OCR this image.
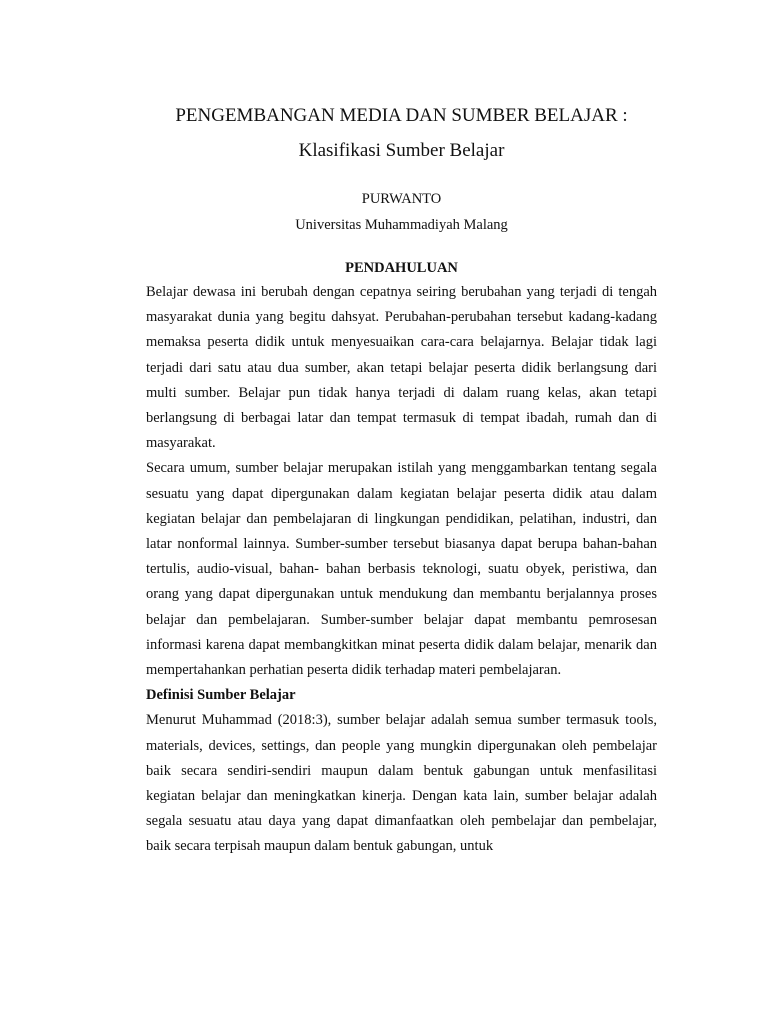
PENGEMBANGAN MEDIA DAN SUMBER BELAJAR :
Klasifikasi Sumber Belajar
PURWANTO
Universitas Muhammadiyah Malang
PENDAHULUAN

Belajar dewasa ini berubah dengan cepatnya seiring berubahan yang terjadi di tengah masyarakat dunia yang begitu dahsyat. Perubahan-perubahan tersebut kadang-kadang memaksa peserta didik untuk menyesuaikan cara-cara belajarnya. Belajar tidak lagi terjadi dari satu atau dua sumber, akan tetapi belajar peserta didik berlangsung dari multi sumber. Belajar pun tidak hanya terjadi di dalam ruang kelas, akan tetapi berlangsung di berbagai latar dan tempat termasuk di tempat ibadah, rumah dan di masyarakat.

Secara umum, sumber belajar merupakan istilah yang menggambarkan tentang segala sesuatu yang dapat dipergunakan dalam kegiatan belajar peserta didik atau dalam kegiatan belajar dan pembelajaran di lingkungan pendidikan, pelatihan, industri, dan latar nonformal lainnya. Sumber-sumber tersebut biasanya dapat berupa bahan-bahan tertulis, audio-visual, bahan- bahan berbasis teknologi, suatu obyek, peristiwa, dan orang yang dapat dipergunakan untuk mendukung dan membantu berjalannya proses belajar dan pembelajaran. Sumber-sumber belajar dapat membantu pemrosesan informasi karena dapat membangkitkan minat peserta didik dalam belajar, menarik dan mempertahankan perhatian peserta didik terhadap materi pembelajaran.

Definisi Sumber Belajar

Menurut Muhammad (2018:3), sumber belajar adalah semua sumber termasuk tools, materials, devices, settings, dan people yang mungkin dipergunakan oleh pembelajar baik secara sendiri-sendiri maupun dalam bentuk gabungan untuk menfasilitasi kegiatan belajar dan meningkatkan kinerja. Dengan kata lain, sumber belajar adalah segala sesuatu atau daya yang dapat dimanfaatkan oleh pembelajar dan pembelajar, baik secara terpisah maupun dalam bentuk gabungan, untuk
